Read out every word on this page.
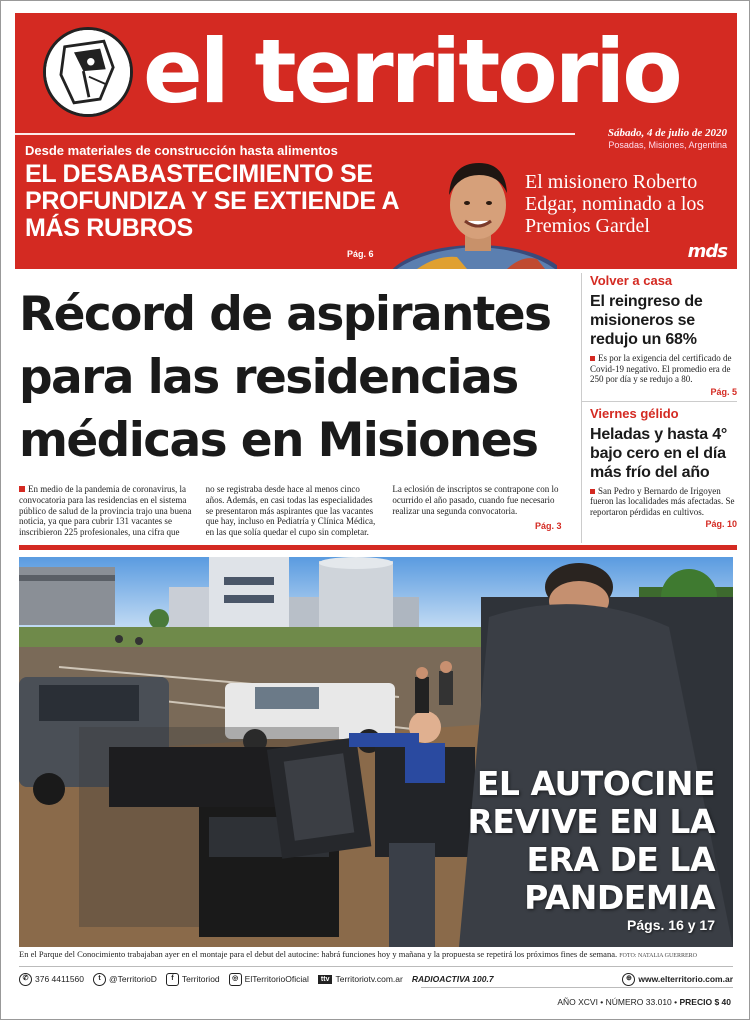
el territorio
Sábado, 4 de julio de 2020
Posadas, Misiones, Argentina
Desde materiales de construcción hasta alimentos
EL DESABASTECIMIENTO SE PROFUNDIZA Y SE EXTIENDE A MÁS RUBROS
Pág. 6
El misionero Roberto Edgar, nominado a los Premios Gardel
mds
Récord de aspirantes para las residencias médicas en Misiones
En medio de la pandemia de coronavirus, la convocatoria para las residencias en el sistema público de salud de la provincia trajo una buena noticia, ya que para cubrir 131 vacantes se inscribieron 225 profesionales, una cifra que
no se registraba desde hace al menos cinco años. Además, en casi todas las especialidades se presentaron más aspirantes que las vacantes que hay, incluso en Pediatría y Clínica Médica, en las que solía quedar el cupo sin completar.
La eclosión de inscriptos se contrapone con lo ocurrido el año pasado, cuando fue necesario realizar una segunda convocatoria.
Pág. 3
Volver a casa
El reingreso de misioneros se redujo un 68%
Es por la exigencia del certificado de Covid-19 negativo. El promedio era de 250 por día y se redujo a 80.
Pág. 5
Viernes gélido
Heladas y hasta 4° bajo cero en el día más frío del año
San Pedro y Bernardo de Irigoyen fueron las localidades más afectadas. Se reportaron pérdidas en cultivos.
Pág. 10
EL AUTOCINE REVIVE EN LA ERA DE LA PANDEMIA
Págs. 16 y 17
En el Parque del Conocimiento trabajaban ayer en el montaje para el debut del autocine: habrá funciones hoy y mañana y la propuesta se repetirá los próximos fines de semana. FOTO: NATALIA GUERRERO
✆ 376 4411560	t @TerritorioD	f Territoriod	◎ ElTerritorioOficial	ttv Territoriotv.com.ar RADIOACTIVA 100.7	⊕ www.elterritorio.com.ar
AÑO XCVI • NÚMERO 33.010 • PRECIO $ 40
